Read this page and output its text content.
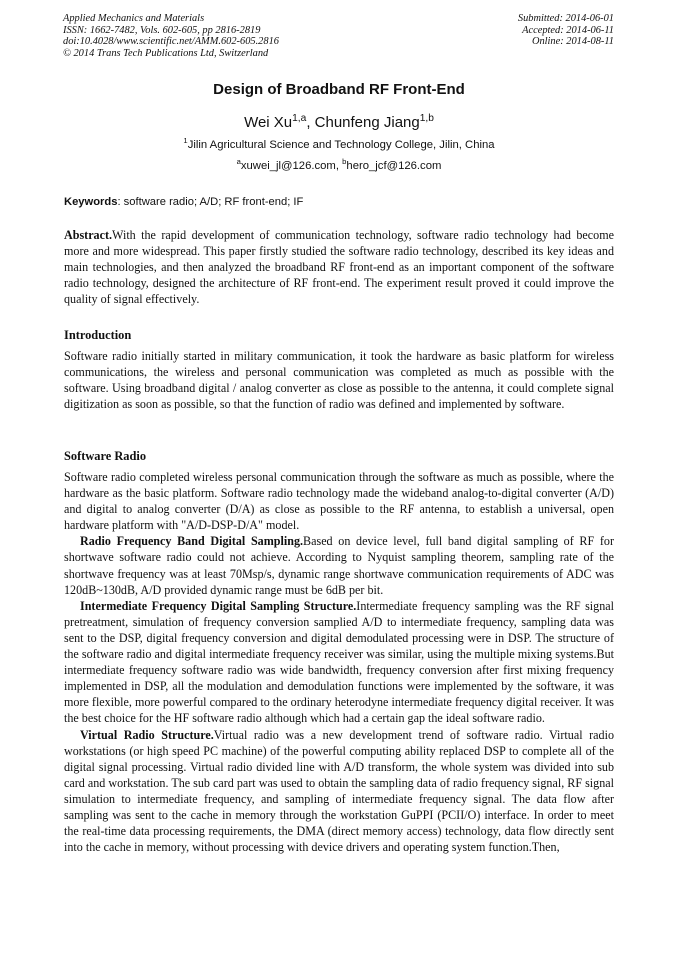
Applied Mechanics and Materials
ISSN: 1662-7482, Vols. 602-605, pp 2816-2819
doi:10.4028/www.scientific.net/AMM.602-605.2816
© 2014 Trans Tech Publications Ltd, Switzerland
Submitted: 2014-06-01
Accepted: 2014-06-11
Online: 2014-08-11
Design of Broadband RF Front-End
Wei Xu$^{1,a}$, Chunfeng Jiang$^{1,b}$
$^1$Jilin Agricultural Science and Technology College, Jilin, China
$^a$xuwei_jl@126.com, $^b$hero_jcf@126.com
Keywords: software radio; A/D; RF front-end; IF

Abstract.With the rapid development of communication technology, software radio technology had become more and more widespread. This paper firstly studied the software radio technology, described its key ideas and main technologies, and then analyzed the broadband RF front-end as an important component of the software radio technology, designed the architecture of RF front-end. The experiment result proved it could improve the quality of signal effectively.

Introduction

Software radio initially started in military communication, it took the hardware as basic platform for wireless communications, the wireless and personal communication was completed as much as possible with the software. Using broadband digital / analog converter as close as possible to the antenna, it could complete signal digitization as soon as possible, so that the function of radio was defined and implemented by software.

Software Radio

Software radio completed wireless personal communication through the software as much as possible, where the hardware as the basic platform. Software radio technology made the wideband analog-to-digital converter (A/D) and digital to analog converter (D/A) as close as possible to the RF antenna, to establish a universal, open hardware platform with "A/D-DSP-D/A" model.

Radio Frequency Band Digital Sampling.Based on device level, full band digital sampling of RF for shortwave software radio could not achieve. According to Nyquist sampling theorem, sampling rate of the shortwave frequency was at least 70Msp/s, dynamic range shortwave communication requirements of ADC was 120dB~130dB, A/D provided dynamic range must be 6dB per bit.

Intermediate Frequency Digital Sampling Structure.Intermediate frequency sampling was the RF signal pretreatment, simulation of frequency conversion samplied A/D to intermediate frequency, sampling data was sent to the DSP, digital frequency conversion and digital demodulated processing were in DSP. The structure of the software radio and digital intermediate frequency receiver was similar, using the multiple mixing systems.But intermediate frequency software radio was wide bandwidth, frequency conversion after first mixing frequency implemented in DSP, all the modulation and demodulation functions were implemented by the software, it was more flexible, more powerful compared to the ordinary heterodyne intermediate frequency digital receiver. It was the best choice for the HF software radio although which had a certain gap the ideal software radio.

Virtual Radio Structure.Virtual radio was a new development trend of software radio. Virtual radio workstations (or high speed PC machine) of the powerful computing ability replaced DSP to complete all of the digital signal processing. Virtual radio divided line with A/D transform, the whole system was divided into sub card and workstation. The sub card part was used to obtain the sampling data of radio frequency signal, RF signal simulation to intermediate frequency, and sampling of intermediate frequency signal. The data flow after sampling was sent to the cache in memory through the workstation GuPPI (PCII/O) interface. In order to meet the real-time data processing requirements, the DMA (direct memory access) technology, data flow directly sent into the cache in memory, without processing with device drivers and operating system function.Then,
